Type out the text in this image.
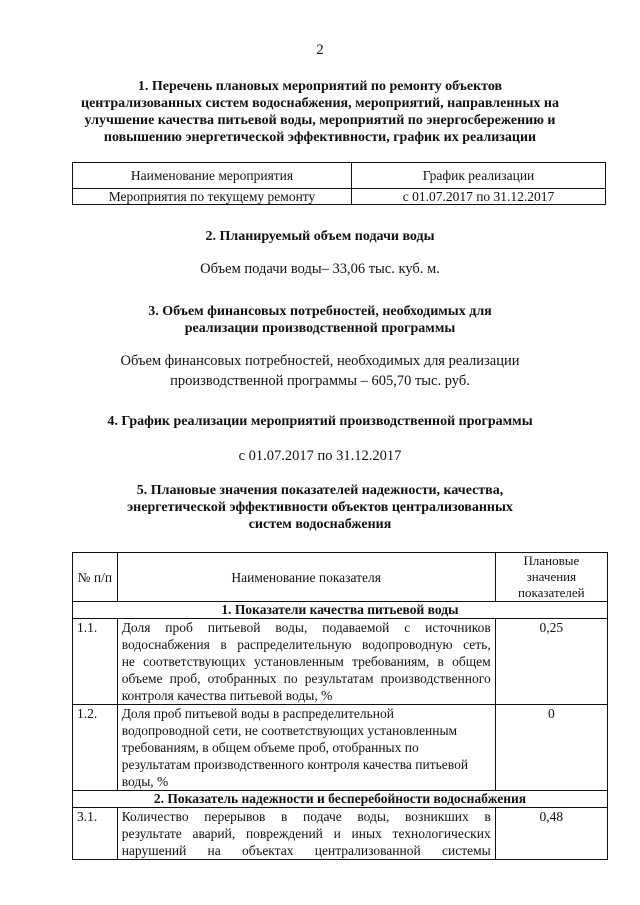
2
1. Перечень плановых мероприятий по ремонту объектов
централизованных систем водоснабжения, мероприятий, направленных на
улучшение качества питьевой воды, мероприятий по энергосбережению и
повышению энергетической эффективности, график их реализации
Наименование мероприятия	График реализации
Мероприятия по текущему ремонту	с 01.07.2017 по 31.12.2017
2. Планируемый объем подачи воды
Объем подачи воды– 33,06 тыс. куб. м.
3. Объем финансовых потребностей, необходимых для
реализации производственной программы
Объем финансовых потребностей, необходимых для реализации
производственной программы – 605,70 тыс. руб.
4. График реализации мероприятий производственной программы
с 01.07.2017 по 31.12.2017
5. Плановые значения показателей надежности, качества,
энергетической эффективности объектов централизованных
систем водоснабжения
№ п/п	Наименование показателя	Плановые
значения
показателей

1. Показатели качества питьевой воды		
1.1.	Доля проб питьевой воды, подаваемой с источников
водоснабжения в распределительную водопроводную сеть,
не соответствующих установленным требованиям, в общем
объеме проб, отобранных по результатам производственного
контроля качества питьевой воды, %	0,25
1.2.	Доля проб питьевой воды в распределительной
водопроводной сети, не соответствующих установленным
требованиям, в общем объеме проб, отобранных по
результатам производственного контроля качества питьевой
воды, %	0
2. Показатель надежности и бесперебойности водоснабжения		
3.1.	Количество перерывов в подаче воды, возникших в
результате аварий, повреждений и иных технологических
нарушений на объектах централизованной системы	0,48
